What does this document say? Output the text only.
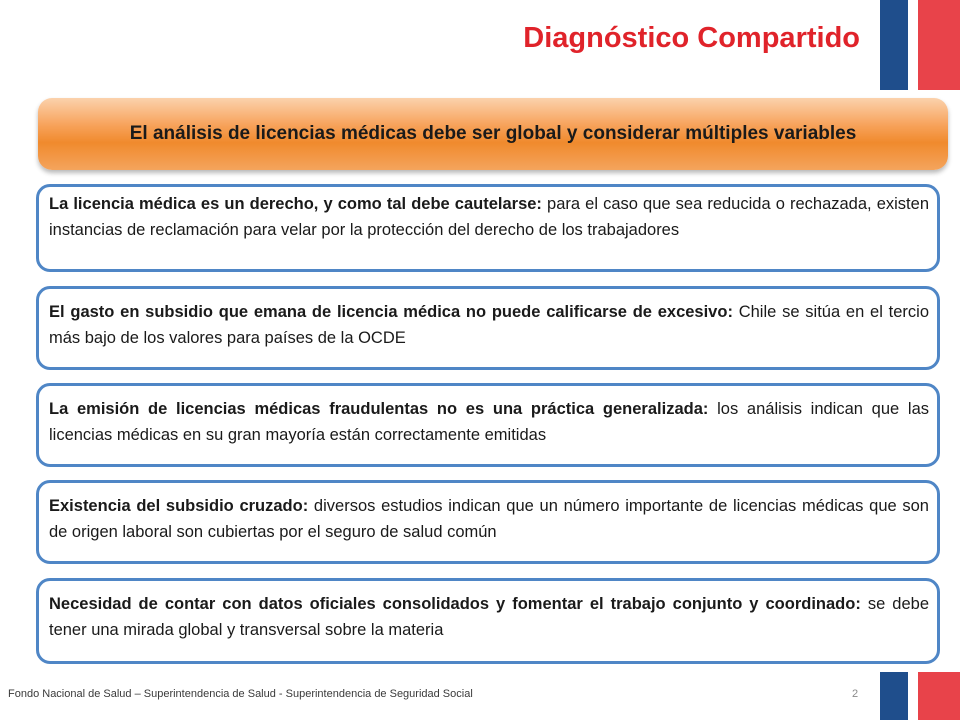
Diagnóstico Compartido
El análisis de licencias médicas debe ser global y considerar múltiples variables
La licencia médica es un derecho, y como tal debe cautelarse: para el caso que sea reducida o rechazada, existen instancias de reclamación para velar por la protección del derecho de los trabajadores
El gasto en subsidio que emana de licencia médica no puede calificarse de excesivo: Chile se sitúa en el tercio más bajo de los valores para países de la OCDE
La emisión de licencias médicas fraudulentas no es una práctica generalizada: los análisis indican que las licencias médicas en su gran mayoría están correctamente emitidas
Existencia del subsidio cruzado: diversos estudios indican que un número importante de licencias médicas que son de origen laboral son cubiertas por el seguro de salud común
Necesidad de contar con datos oficiales consolidados y fomentar el trabajo conjunto y coordinado: se debe tener una mirada global y transversal sobre la materia
Fondo Nacional de Salud – Superintendencia de Salud - Superintendencia de Seguridad Social	2
